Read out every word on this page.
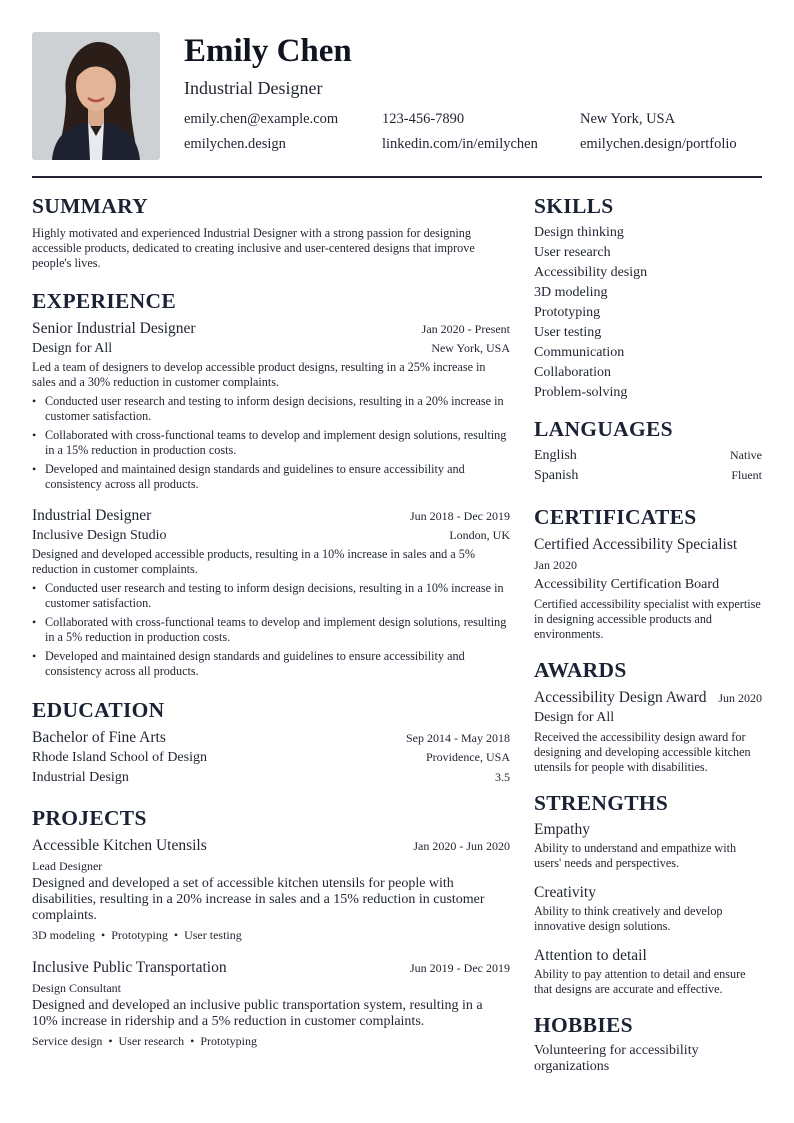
Emily Chen
Industrial Designer
emily.chen@example.com	123-456-7890	New York, USA
emilychen.design	linkedin.com/in/emilychen	emilychen.design/portfolio
SUMMARY
Highly motivated and experienced Industrial Designer with a strong passion for designing accessible products, dedicated to creating inclusive and user-centered designs that improve people's lives.
EXPERIENCE
Senior Industrial Designer	Jan 2020 - Present
Design for All	New York, USA
Led a team of designers to develop accessible product designs, resulting in a 25% increase in sales and a 30% reduction in customer complaints.
• Conducted user research and testing to inform design decisions, resulting in a 20% increase in customer satisfaction.
• Collaborated with cross-functional teams to develop and implement design solutions, resulting in a 15% reduction in production costs.
• Developed and maintained design standards and guidelines to ensure accessibility and consistency across all products.
Industrial Designer	Jun 2018 - Dec 2019
Inclusive Design Studio	London, UK
Designed and developed accessible products, resulting in a 10% increase in sales and a 5% reduction in customer complaints.
• Conducted user research and testing to inform design decisions, resulting in a 10% increase in customer satisfaction.
• Collaborated with cross-functional teams to develop and implement design solutions, resulting in a 5% reduction in production costs.
• Developed and maintained design standards and guidelines to ensure accessibility and consistency across all products.
EDUCATION
Bachelor of Fine Arts	Sep 2014 - May 2018
Rhode Island School of Design	Providence, USA
Industrial Design	3.5
PROJECTS
Accessible Kitchen Utensils	Jan 2020 - Jun 2020
Lead Designer
Designed and developed a set of accessible kitchen utensils for people with disabilities, resulting in a 20% increase in sales and a 15% reduction in customer complaints.
3D modeling • Prototyping • User testing
Inclusive Public Transportation	Jun 2019 - Dec 2019
Design Consultant
Designed and developed an inclusive public transportation system, resulting in a 10% increase in ridership and a 5% reduction in customer complaints.
Service design • User research • Prototyping
SKILLS
Design thinking
User research
Accessibility design
3D modeling
Prototyping
User testing
Communication
Collaboration
Problem-solving
LANGUAGES
English	Native
Spanish	Fluent
CERTIFICATES
Certified Accessibility Specialist
Jan 2020
Accessibility Certification Board
Certified accessibility specialist with expertise in designing accessible products and environments.
AWARDS
Accessibility Design Award Jun 2020
Design for All
Received the accessibility design award for designing and developing accessible kitchen utensils for people with disabilities.
STRENGTHS
Empathy
Ability to understand and empathize with users' needs and perspectives.
Creativity
Ability to think creatively and develop innovative design solutions.
Attention to detail
Ability to pay attention to detail and ensure that designs are accurate and effective.
HOBBIES
Volunteering for accessibility organizations
